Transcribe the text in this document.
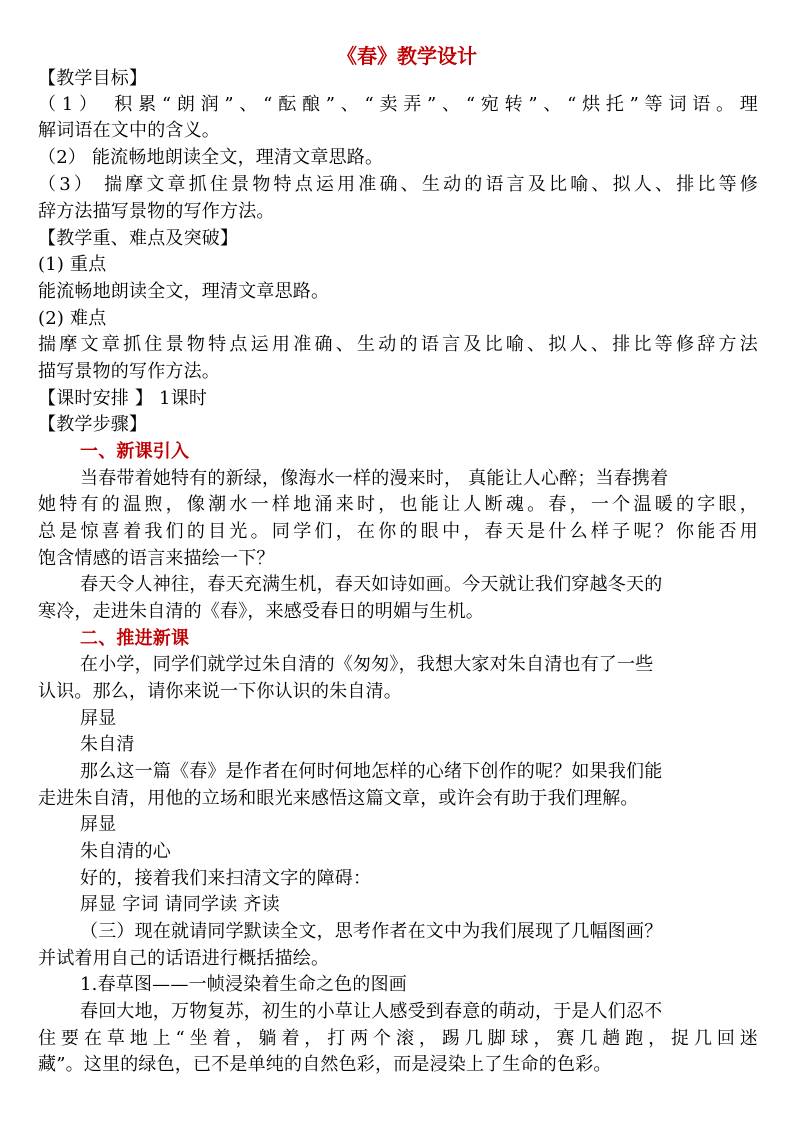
《春》教学设计
【教学目标】
（1） 积累“朗润”、“酝酿”、“卖弄”、“宛转”、“烘托”等词语。理
解词语在文中的含义。
（2） 能流畅地朗读全文，理清文章思路。
（3） 揣摩文章抓住景物特点运用准确、生动的语言及比喻、拟人、排比等修
辞方法描写景物的写作方法。
【教学重、难点及突破】
(1) 重点
能流畅地朗读全文，理清文章思路。
(2) 难点
揣摩文章抓住景物特点运用准确、生动的语言及比喻、拟人、排比等修辞方法
描写景物的写作方法。
【课时安排 】 1课时
【教学步骤】
一、新课引入
当春带着她特有的新绿，像海水一样的漫来时， 真能让人心醉；当春携着
她特有的温煦，像潮水一样地涌来时，也能让人断魂。春，一个温暖的字眼，
总是惊喜着我们的目光。同学们，在你的眼中，春天是什么样子呢？你能否用
饱含情感的语言来描绘一下？
春天令人神往，春天充满生机，春天如诗如画。今天就让我们穿越冬天的
寒冷，走进朱自清的《春》，来感受春日的明媚与生机。
二、推进新课
在小学，同学们就学过朱自清的《匆匆》，我想大家对朱自清也有了一些
认识。那么，请你来说一下你认识的朱自清。
屏显
朱自清
那么这一篇《春》是作者在何时何地怎样的心绪下创作的呢？如果我们能
走进朱自清，用他的立场和眼光来感悟这篇文章，或许会有助于我们理解。
屏显
朱自清的心
好的，接着我们来扫清文字的障碍：
屏显 字词 请同学读 齐读
（三）现在就请同学默读全文，思考作者在文中为我们展现了几幅图画？
并试着用自己的话语进行概括描绘。
1.春草图——一帧浸染着生命之色的图画
春回大地，万物复苏，初生的小草让人感受到春意的萌动，于是人们忍不
住要在草地上“坐着，躺着，打两个滚，踢几脚球，赛几趟跑，捉几回迷
藏”。这里的绿色，已不是单纯的自然色彩，而是浸染上了生命的色彩。
